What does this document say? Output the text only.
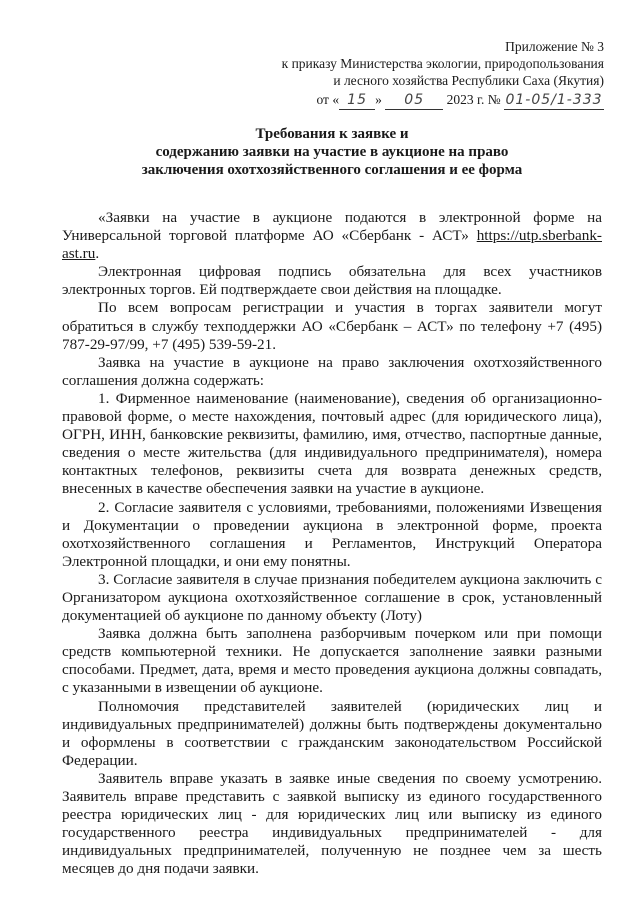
Приложение № 3
к приказу Министерства экологии, природопользования
и лесного хозяйства Республики Саха (Якутия)
от « 15 » 05 2023 г. № 01-05/1-333
Требования к заявке и
содержанию заявки на участие в аукционе на право
заключения охотхозяйственного соглашения и ее форма

«Заявки на участие в аукционе подаются в электронной форме на Универсальной торговой платформе АО «Сбербанк - АСТ» https://utp.sberbank-ast.ru.

Электронная цифровая подпись обязательна для всех участников электронных торгов. Ей подтверждаете свои действия на площадке.

По всем вопросам регистрации и участия в торгах заявители могут обратиться в службу техподдержки АО «Сбербанк – АСТ» по телефону +7 (495) 787-29-97/99, +7 (495) 539-59-21.

Заявка на участие в аукционе на право заключения охотхозяйственного соглашения должна содержать:

1. Фирменное наименование (наименование), сведения об организационно-правовой форме, о месте нахождения, почтовый адрес (для юридического лица), ОГРН, ИНН, банковские реквизиты, фамилию, имя, отчество, паспортные данные, сведения о месте жительства (для индивидуального предпринимателя), номера контактных телефонов, реквизиты счета для возврата денежных средств, внесенных в качестве обеспечения заявки на участие в аукционе.

2. Согласие заявителя с условиями, требованиями, положениями Извещения и Документации о проведении аукциона в электронной форме, проекта охотхозяйственного соглашения и Регламентов, Инструкций Оператора Электронной площадки, и они ему понятны.

3. Согласие заявителя в случае признания победителем аукциона заключить с Организатором аукциона охотхозяйственное соглашение в срок, установленный документацией об аукционе по данному объекту (Лоту)

Заявка должна быть заполнена разборчивым почерком или при помощи средств компьютерной техники. Не допускается заполнение заявки разными способами. Предмет, дата, время и место проведения аукциона должны совпадать, с указанными в извещении об аукционе.

Полномочия представителей заявителей (юридических лиц и индивидуальных предпринимателей) должны быть подтверждены документально и оформлены в соответствии с гражданским законодательством Российской Федерации.

Заявитель вправе указать в заявке иные сведения по своему усмотрению. Заявитель вправе представить с заявкой выписку из единого государственного реестра юридических лиц - для юридических лиц или выписку из единого государственного реестра индивидуальных предпринимателей - для индивидуальных предпринимателей, полученную не позднее чем за шесть месяцев до дня подачи заявки.
